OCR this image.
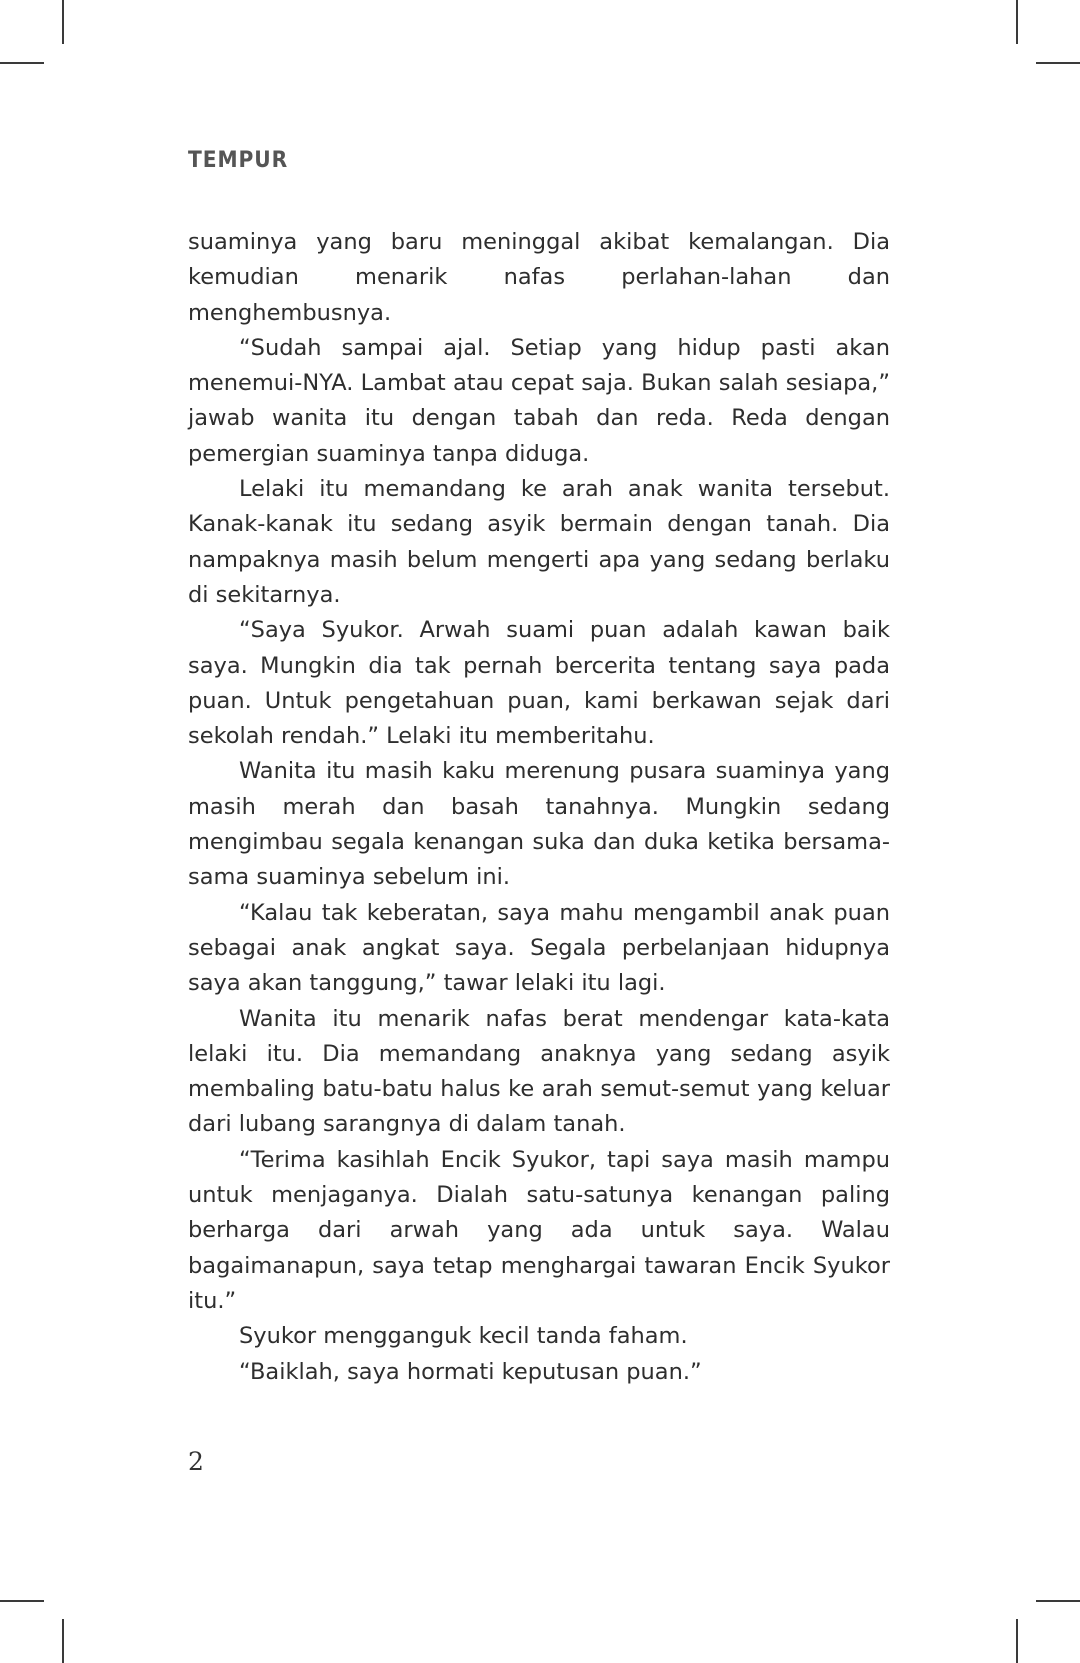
TEMPUR

suaminya yang baru meninggal akibat kemalangan. Dia kemudian menarik nafas perlahan-lahan dan menghembusnya.

“Sudah sampai ajal. Setiap yang hidup pasti akan menemui-NYA. Lambat atau cepat saja. Bukan salah sesiapa,” jawab wanita itu dengan tabah dan reda. Reda dengan pemergian suaminya tanpa diduga.

Lelaki itu memandang ke arah anak wanita tersebut. Kanak-kanak itu sedang asyik bermain dengan tanah. Dia nampaknya masih belum mengerti apa yang sedang berlaku di sekitarnya.

“Saya Syukor. Arwah suami puan adalah kawan baik saya. Mungkin dia tak pernah bercerita tentang saya pada puan. Untuk pengetahuan puan, kami berkawan sejak dari sekolah rendah.” Lelaki itu memberitahu.

Wanita itu masih kaku merenung pusara suaminya yang masih merah dan basah tanahnya. Mungkin sedang mengimbau segala kenangan suka dan duka ketika bersama-sama suaminya sebelum ini.

“Kalau tak keberatan, saya mahu mengambil anak puan sebagai anak angkat saya. Segala perbelanjaan hidupnya saya akan tanggung,” tawar lelaki itu lagi.

Wanita itu menarik nafas berat mendengar kata-kata lelaki itu. Dia memandang anaknya yang sedang asyik membaling batu-batu halus ke arah semut-semut yang keluar dari lubang sarangnya di dalam tanah.

“Terima kasihlah Encik Syukor, tapi saya masih mampu untuk menjaganya. Dialah satu-satunya kenangan paling berharga dari arwah yang ada untuk saya. Walau bagaimanapun, saya tetap menghargai tawaran Encik Syukor itu.”

Syukor mengganguk kecil tanda faham.

“Baiklah, saya hormati keputusan puan.”

2
